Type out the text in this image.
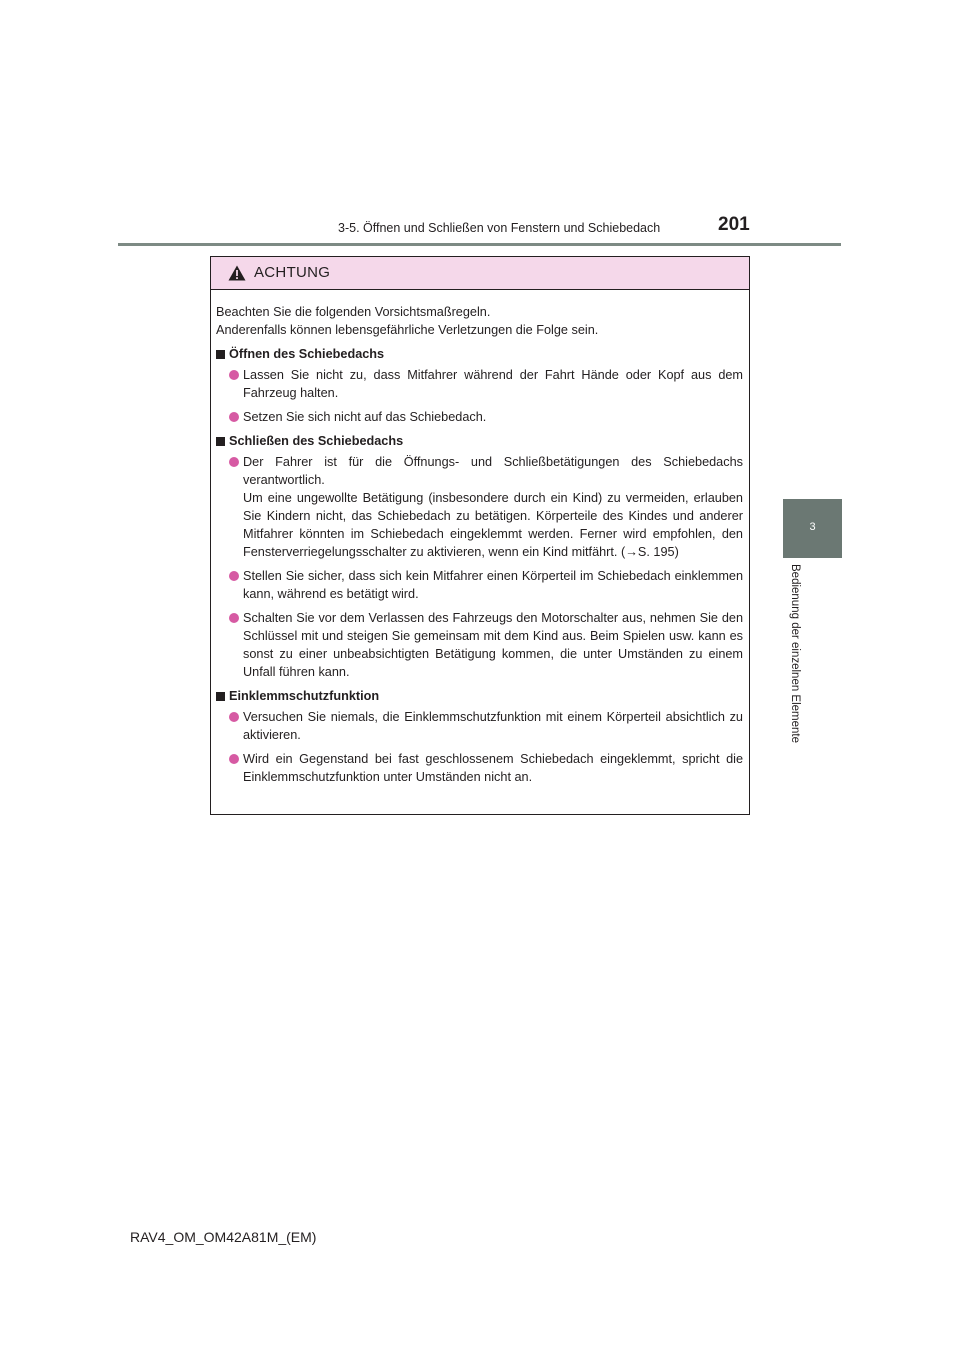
3-5. Öffnen und Schließen von Fenstern und Schiebedach	201
3
Bedienung der einzelnen Elemente
ACHTUNG

Beachten Sie die folgenden Vorsichtsmaßregeln.

Anderenfalls können lebensgefährliche Verletzungen die Folge sein.

Öffnen des Schiebedachs

Lassen Sie nicht zu, dass Mitfahrer während der Fahrt Hände oder Kopf aus dem Fahrzeug halten.

Setzen Sie sich nicht auf das Schiebedach.

Schließen des Schiebedachs

Der Fahrer ist für die Öffnungs- und Schließbetätigungen des Schiebedachs verantwortlich.

Um eine ungewollte Betätigung (insbesondere durch ein Kind) zu vermeiden, erlauben Sie Kindern nicht, das Schiebedach zu betätigen. Körperteile des Kindes und anderer Mitfahrer könnten im Schiebedach eingeklemmt werden. Ferner wird empfohlen, den Fensterverriegelungsschalter zu aktivieren, wenn ein Kind mitfährt. (→S. 195)

Stellen Sie sicher, dass sich kein Mitfahrer einen Körperteil im Schiebedach einklemmen kann, während es betätigt wird.

Schalten Sie vor dem Verlassen des Fahrzeugs den Motorschalter aus, nehmen Sie den Schlüssel mit und steigen Sie gemeinsam mit dem Kind aus. Beim Spielen usw. kann es sonst zu einer unbeabsichtigten Betätigung kommen, die unter Umständen zu einem Unfall führen kann.

Einklemmschutzfunktion

Versuchen Sie niemals, die Einklemmschutzfunktion mit einem Körperteil absichtlich zu aktivieren.

Wird ein Gegenstand bei fast geschlossenem Schiebedach eingeklemmt, spricht die Einklemmschutzfunktion unter Umständen nicht an.

RAV4_OM_OM42A81M_(EM)
